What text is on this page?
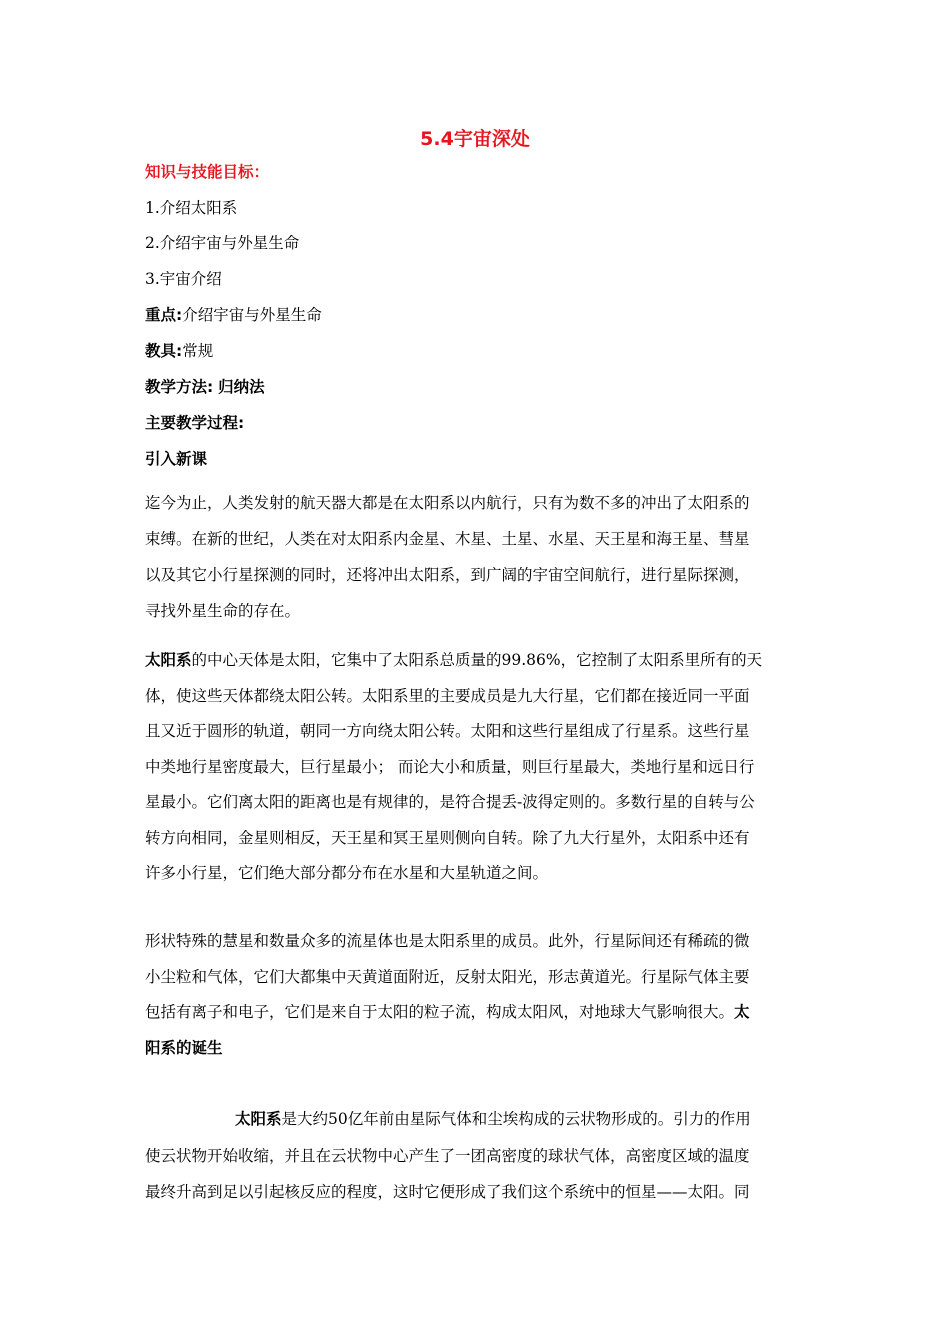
5.4宇宙深处
知识与技能目标：
1.介绍太阳系
2.介绍宇宙与外星生命
3.宇宙介绍
重点:介绍宇宙与外星生命
教具:常规
教学方法: 归纳法
主要教学过程:
引入新课
迄今为止，人类发射的航天器大都是在太阳系以内航行，只有为数不多的冲出了太阳系的
束缚。在新的世纪，人类在对太阳系内金星、木星、土星、水星、天王星和海王星、彗星
以及其它小行星探测的同时，还将冲出太阳系，到广阔的宇宙空间航行，进行星际探测，
寻找外星生命的存在。
太阳系的中心天体是太阳，它集中了太阳系总质量的99.86%，它控制了太阳系里所有的天
体，使这些天体都绕太阳公转。太阳系里的主要成员是九大行星，它们都在接近同一平面
且又近于圆形的轨道，朝同一方向绕太阳公转。太阳和这些行星组成了行星系。这些行星
中类地行星密度最大，巨行星最小； 而论大小和质量，则巨行星最大，类地行星和远日行
星最小。它们离太阳的距离也是有规律的，是符合提丢-波得定则的。多数行星的自转与公
转方向相同，金星则相反，天王星和冥王星则侧向自转。除了九大行星外，太阳系中还有
许多小行星，它们绝大部分都分布在水星和大星轨道之间。
形状特殊的慧星和数量众多的流星体也是太阳系里的成员。此外，行星际间还有稀疏的微
小尘粒和气体，它们大都集中天黄道面附近，反射太阳光，形志黄道光。行星际气体主要
包括有离子和电子，它们是来自于太阳的粒子流，构成太阳风，对地球大气影响很大。太
阳系的诞生
太阳系是大约50亿年前由星际气体和尘埃构成的云状物形成的。引力的作用
使云状物开始收缩，并且在云状物中心产生了一团高密度的球状气体，高密度区域的温度
最终升高到足以引起核反应的程度，这时它便形成了我们这个系统中的恒星——太阳。同
